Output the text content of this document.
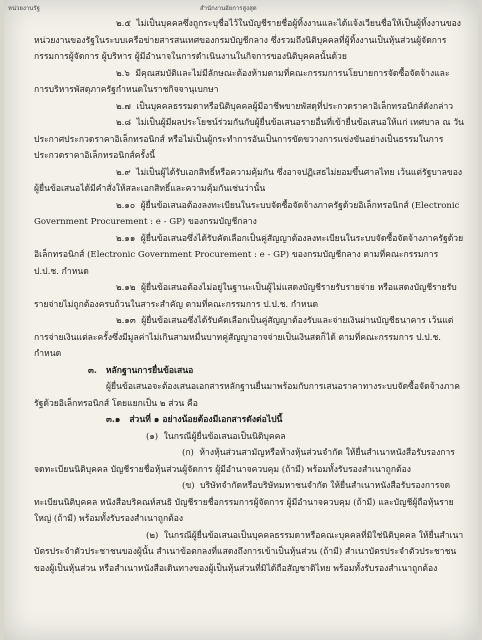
หน่วยงานรัฐ	สำนักงานอัยการสูงสุด

๒.๕ ไม่เป็นบุคคลซึ่งถูกระบุชื่อไว้ในบัญชีรายชื่อผู้ทิ้งงานและได้แจ้งเวียนชื่อให้เป็นผู้ทิ้งงานของหน่วยงานของรัฐในระบบเครือข่ายสารสนเทศของกรมบัญชีกลาง ซึ่งรวมถึงนิติบุคคลที่ผู้ทิ้งงานเป็นหุ้นส่วนผู้จัดการ กรรมการผู้จัดการ ผู้บริหาร ผู้มีอำนาจในการดำเนินงานในกิจการของนิติบุคคลนั้นด้วย

๒.๖ มีคุณสมบัติและไม่มีลักษณะต้องห้ามตามที่คณะกรรมการนโยบายการจัดซื้อจัดจ้างและการบริหารพัสดุภาครัฐกำหนดในราชกิจจานุเบกษา

๒.๗ เป็นบุคคลธรรมดาหรือนิติบุคคลผู้มีอาชีพขายพัสดุที่ประกวดราคาอิเล็กทรอนิกส์ดังกล่าว

๒.๘ ไม่เป็นผู้มีผลประโยชน์ร่วมกันกับผู้ยื่นข้อเสนอรายอื่นที่เข้ายื่นข้อเสนอให้แก่ เทศบาล ณ วันประกาศประกวดราคาอิเล็กทรอนิกส์ หรือไม่เป็นผู้กระทำการอันเป็นการขัดขวางการแข่งขันอย่างเป็นธรรมในการประกวดราคาอิเล็กทรอนิกส์ครั้งนี้

๒.๙ ไม่เป็นผู้ได้รับเอกสิทธิ์หรือความคุ้มกัน ซึ่งอาจปฏิเสธไม่ยอมขึ้นศาลไทย เว้นแต่รัฐบาลของผู้ยื่นข้อเสนอได้มีคำสั่งให้สละเอกสิทธิ์และความคุ้มกันเช่นว่านั้น

๒.๑๐ ผู้ยื่นข้อเสนอต้องลงทะเบียนในระบบจัดซื้อจัดจ้างภาครัฐด้วยอิเล็กทรอนิกส์ (Electronic Government Procurement : e - GP) ของกรมบัญชีกลาง

๒.๑๑ ผู้ยื่นข้อเสนอซึ่งได้รับคัดเลือกเป็นคู่สัญญาต้องลงทะเบียนในระบบจัดซื้อจัดจ้างภาครัฐด้วยอิเล็กทรอนิกส์ (Electronic Government Procurement : e - GP) ของกรมบัญชีกลาง ตามที่คณะกรรมการ ป.ป.ช. กำหนด

๒.๑๒ ผู้ยื่นข้อเสนอต้องไม่อยู่ในฐานะเป็นผู้ไม่แสดงบัญชีรายรับรายจ่าย หรือแสดงบัญชีรายรับรายจ่ายไม่ถูกต้องครบถ้วนในสาระสำคัญ ตามที่คณะกรรมการ ป.ป.ช. กำหนด

๒.๑๓ ผู้ยื่นข้อเสนอซึ่งได้รับคัดเลือกเป็นคู่สัญญาต้องรับและจ่ายเงินผ่านบัญชีธนาคาร เว้นแต่การจ่ายเงินแต่ละครั้งซึ่งมีมูลค่าไม่เกินสามหมื่นบาทคู่สัญญาอาจจ่ายเป็นเงินสดก็ได้ ตามที่คณะกรรมการ ป.ป.ช. กำหนด

๓. หลักฐานการยื่นข้อเสนอ

ผู้ยื่นข้อเสนอจะต้องเสนอเอกสารหลักฐานยื่นมาพร้อมกับการเสนอราคาทางระบบจัดซื้อจัดจ้างภาครัฐด้วยอิเล็กทรอนิกส์ โดยแยกเป็น ๒ ส่วน คือ

๓.๑ ส่วนที่ ๑ อย่างน้อยต้องมีเอกสารดังต่อไปนี้

(๑) ในกรณีผู้ยื่นข้อเสนอเป็นนิติบุคคล

(ก) ห้างหุ้นส่วนสามัญหรือห้างหุ้นส่วนจำกัด ให้ยื่นสำเนาหนังสือรับรองการจดทะเบียนนิติบุคคล บัญชีรายชื่อหุ้นส่วนผู้จัดการ ผู้มีอำนาจควบคุม (ถ้ามี) พร้อมทั้งรับรองสำเนาถูกต้อง

(ข) บริษัทจำกัดหรือบริษัทมหาชนจำกัด ให้ยื่นสำเนาหนังสือรับรองการจดทะเบียนนิติบุคคล หนังสือบริคณห์สนธิ บัญชีรายชื่อกรรมการผู้จัดการ ผู้มีอำนาจควบคุม (ถ้ามี) และบัญชีผู้ถือหุ้นรายใหญ่ (ถ้ามี) พร้อมทั้งรับรองสำเนาถูกต้อง

(๒) ในกรณีผู้ยื่นข้อเสนอเป็นบุคคลธรรมดาหรือคณะบุคคลที่มิใช่นิติบุคคล ให้ยื่นสำเนาบัตรประจำตัวประชาชนของผู้นั้น สำเนาข้อตกลงที่แสดงถึงการเข้าเป็นหุ้นส่วน (ถ้ามี) สำเนาบัตรประจำตัวประชาชนของผู้เป็นหุ้นส่วน หรือสำเนาหนังสือเดินทางของผู้เป็นหุ้นส่วนที่มิได้ถือสัญชาติไทย พร้อมทั้งรับรองสำเนาถูกต้อง
